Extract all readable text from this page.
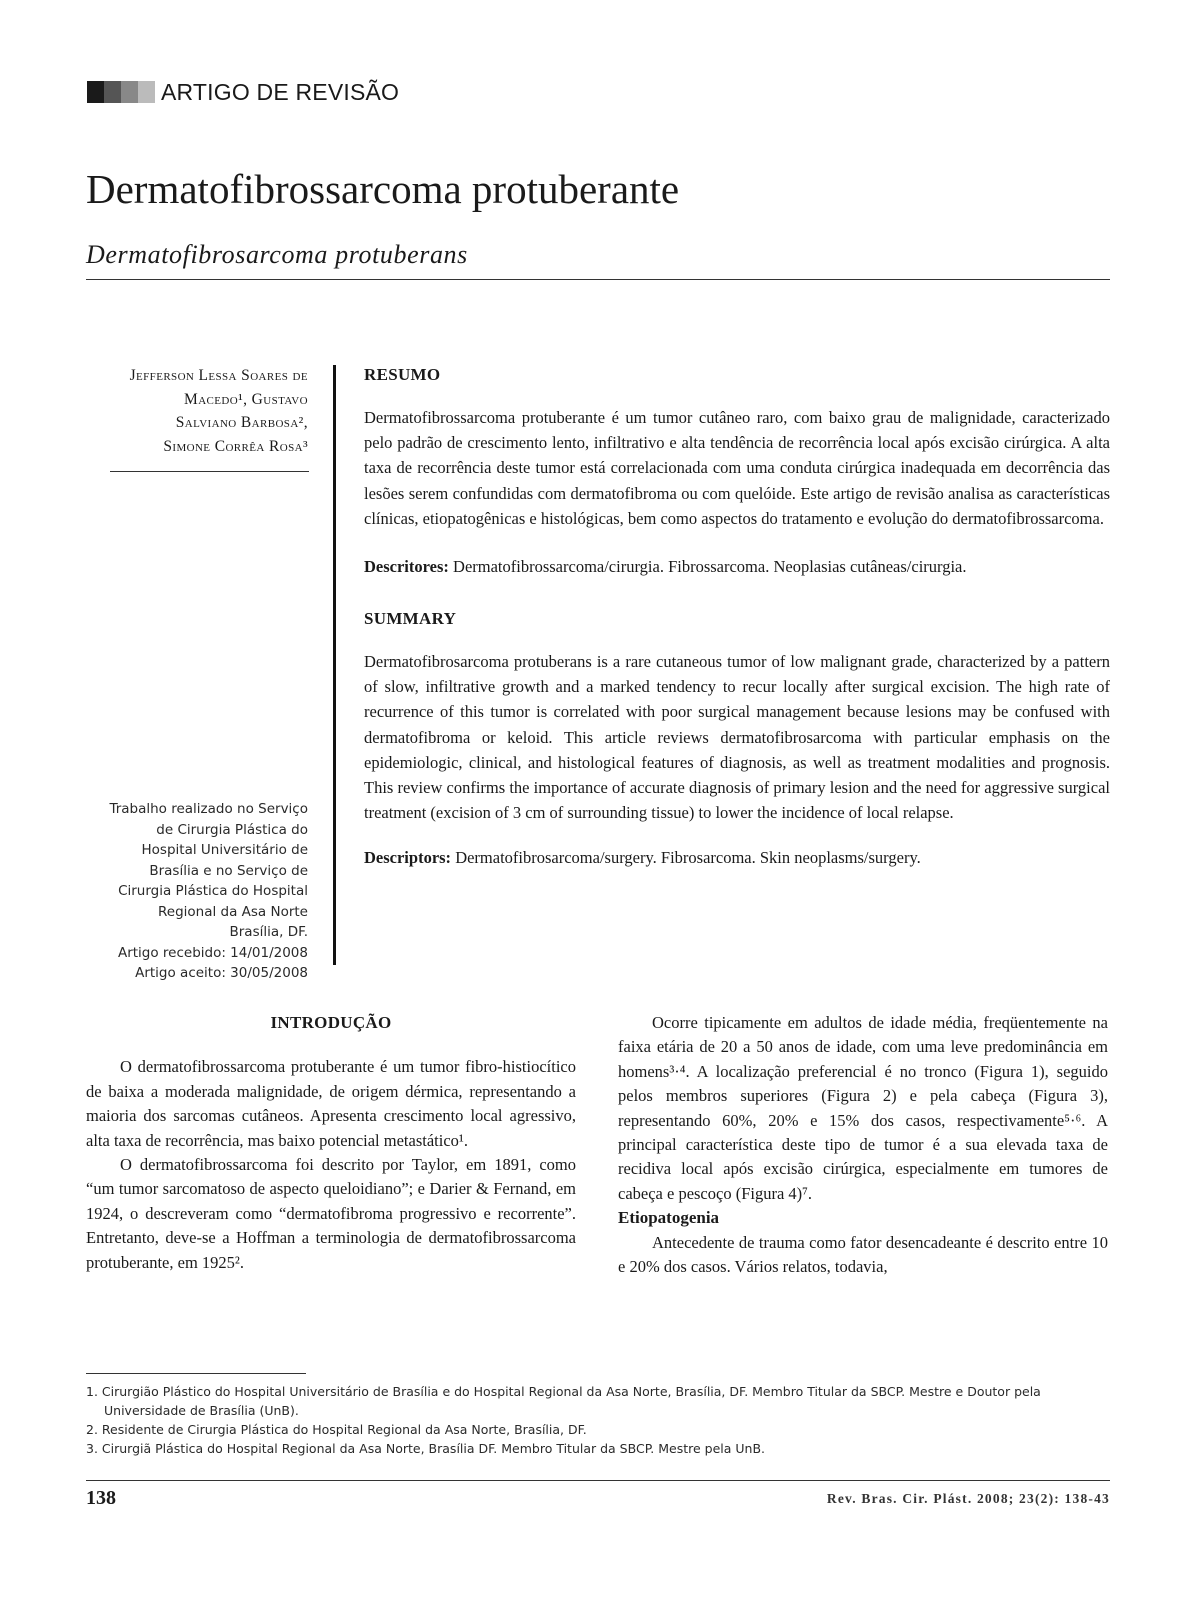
ARTIGO DE REVISÃO
Dermatofibrossarcoma protuberante
Dermatofibrosarcoma protuberans
Jefferson Lessa Soares de
Macedo¹, Gustavo
Salviano Barbosa²,
Simone Corrêa Rosa³
Trabalho realizado no Serviço
de Cirurgia Plástica do
Hospital Universitário de
Brasília e no Serviço de
Cirurgia Plástica do Hospital
Regional da Asa Norte
Brasília, DF.
Artigo recebido: 14/01/2008
Artigo aceito: 30/05/2008
RESUMO

Dermatofibrossarcoma protuberante é um tumor cutâneo raro, com baixo grau de malignidade, caracterizado pelo padrão de crescimento lento, infiltrativo e alta tendência de recorrência local após excisão cirúrgica. A alta taxa de recorrência deste tumor está correlacionada com uma conduta cirúrgica inadequada em decorrência das lesões serem confundidas com dermatofibroma ou com quelóide. Este artigo de revisão analisa as características clínicas, etiopatogênicas e histológicas, bem como aspectos do tratamento e evolução do dermatofibrossarcoma.

Descritores: Dermatofibrossarcoma/cirurgia. Fibrossarcoma. Neoplasias cutâneas/cirurgia.

SUMMARY

Dermatofibrosarcoma protuberans is a rare cutaneous tumor of low malignant grade, characterized by a pattern of slow, infiltrative growth and a marked tendency to recur locally after surgical excision. The high rate of recurrence of this tumor is correlated with poor surgical management because lesions may be confused with dermatofibroma or keloid. This article reviews dermatofibrosarcoma with particular emphasis on the epidemiologic, clinical, and histological features of diagnosis, as well as treatment modalities and prognosis. This review confirms the importance of accurate diagnosis of primary lesion and the need for aggressive surgical treatment (excision of 3 cm of surrounding tissue) to lower the incidence of local relapse.

Descriptors: Dermatofibrosarcoma/surgery. Fibrosarcoma. Skin neoplasms/surgery.

INTRODUÇÃO

O dermatofibrossarcoma protuberante é um tumor fibro-histiocítico de baixa a moderada malignidade, de origem dérmica, representando a maioria dos sarcomas cutâneos. Apresenta crescimento local agressivo, alta taxa de recorrência, mas baixo potencial metastático¹.

O dermatofibrossarcoma foi descrito por Taylor, em 1891, como “um tumor sarcomatoso de aspecto queloidiano”; e Darier & Fernand, em 1924, o descreveram como “dermatofibroma progressivo e recorrente”. Entretanto, deve-se a Hoffman a terminologia de dermatofibrossarcoma protuberante, em 1925².

Ocorre tipicamente em adultos de idade média, freqüentemente na faixa etária de 20 a 50 anos de idade, com uma leve predominância em homens³·⁴. A localização preferencial é no tronco (Figura 1), seguido pelos membros superiores (Figura 2) e pela cabeça (Figura 3), representando 60%, 20% e 15% dos casos, respectivamente⁵·⁶. A principal característica deste tipo de tumor é a sua elevada taxa de recidiva local após excisão cirúrgica, especialmente em tumores de cabeça e pescoço (Figura 4)⁷.

Etiopatogenia

Antecedente de trauma como fator desencadeante é descrito entre 10 e 20% dos casos. Vários relatos, todavia,

1. Cirurgião Plástico do Hospital Universitário de Brasília e do Hospital Regional da Asa Norte, Brasília, DF. Membro Titular da SBCP. Mestre e Doutor pela Universidade de Brasília (UnB).

2. Residente de Cirurgia Plástica do Hospital Regional da Asa Norte, Brasília, DF.

3. Cirurgiã Plástica do Hospital Regional da Asa Norte, Brasília DF. Membro Titular da SBCP. Mestre pela UnB.

138	Rev. Bras. Cir. Plást. 2008; 23(2): 138-43
